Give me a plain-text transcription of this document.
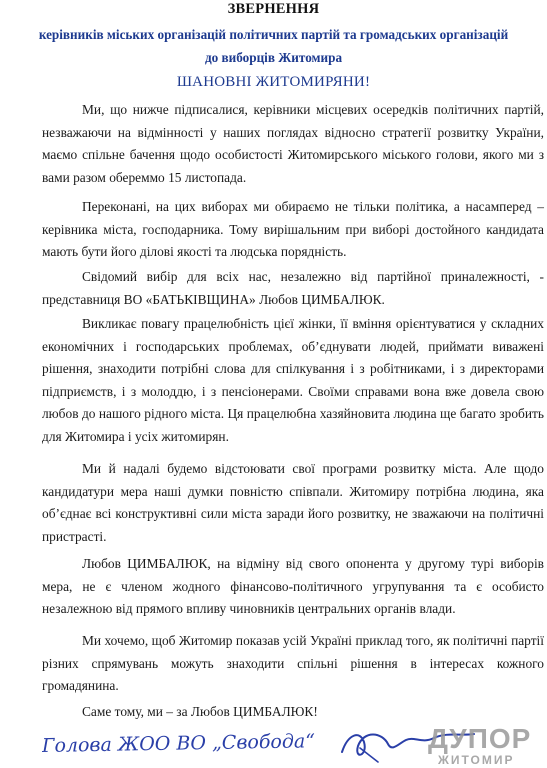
ЗВЕРНЕННЯ
керівників міських організацій політичних партій та громадських організацій
до виборців Житомира
ШАНОВНІ ЖИТОМИРЯНИ!
Ми, що нижче підписалися, керівники місцевих осередків політичних партій, незважаючи на відмінності у наших поглядах відносно стратегії розвитку України, маємо спільне бачення щодо особистості Житомирського міського голови, якого ми з вами разом обереммо 15 листопада.
Переконані, на цих виборах ми обираємо не тільки політика, а насамперед – керівника міста, господарника. Тому вирішальним при виборі достойного кандидата мають бути його ділові якості та людська порядність.
Свідомий вибір для всіх нас, незалежно від партійної приналежності, - представниця ВО «БАТЬКІВЩИНА» Любов ЦИМБАЛЮК.
Викликає повагу працелюбність цієї жінки, її вміння орієнтуватися у складних економічних і господарських проблемах, об’єднувати людей, приймати виважені рішення, знаходити потрібні слова для спілкування і з робітниками, і з директорами підприємств, і з молоддю, і з пенсіонерами. Своїми справами вона вже довела свою любов до нашого рідного міста. Ця працелюбна хазяйновита людина ще багато зробить для Житомира і усіх житомирян.
Ми й надалі будемо відстоювати свої програми розвитку міста. Але щодо кандидатури мера наші думки повністю співпали. Житомиру потрібна людина, яка об’єднає всі конструктивні сили міста заради його розвитку, не зважаючи на політичні пристрасті.
Любов ЦИМБАЛЮК, на відміну від свого опонента у другому турі виборів мера, не є членом жодного фінансово-політичного угрупування та є особисто незалежною від прямого впливу чиновників центральних органів влади.
Ми хочемо, щоб Житомир показав усій Україні приклад того, як політичні партії різних спрямувань можуть знаходити спільні рішення в інтересах кожного громадянина.
Саме тому, ми – за Любов ЦИМБАЛЮК!
Голова ЖОО ВО „Свобода“	ДУПОР
ЖИТОМИР
